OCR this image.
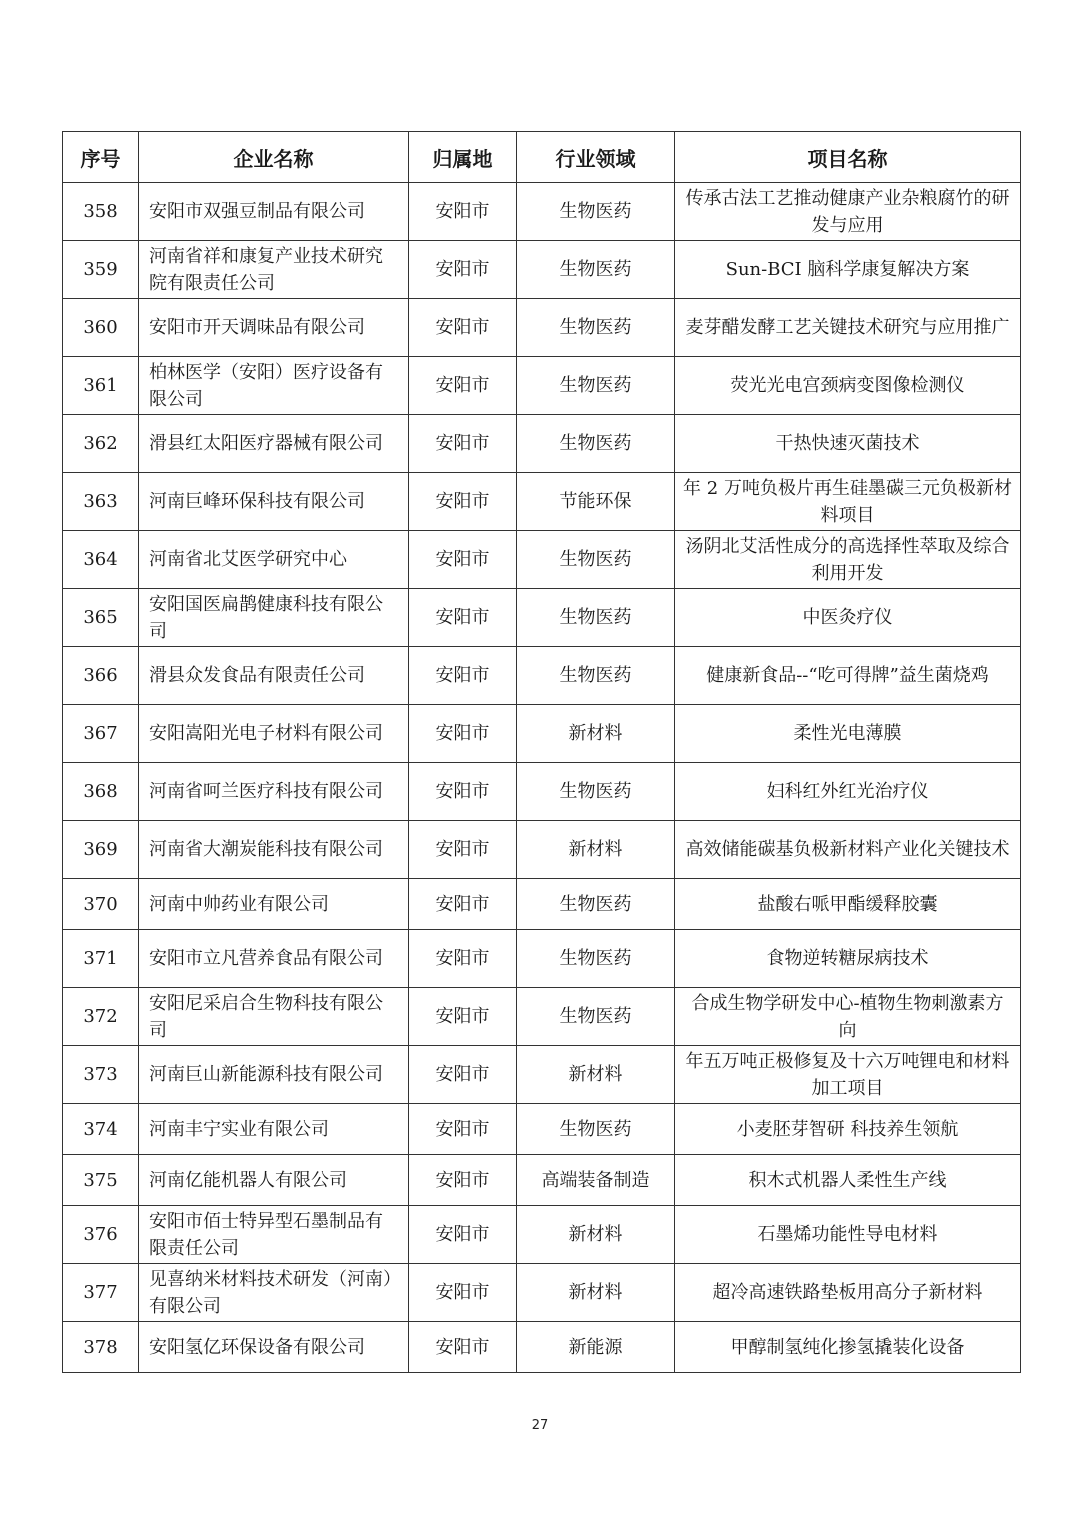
序号	企业名称	归属地	行业领域	项目名称
358	安阳市双强豆制品有限公司	安阳市	生物医药	传承古法工艺推动健康产业杂粮腐竹的研发与应用
359	河南省祥和康复产业技术研究院有限责任公司	安阳市	生物医药	Sun-BCI 脑科学康复解决方案
360	安阳市开天调味品有限公司	安阳市	生物医药	麦芽醋发酵工艺关键技术研究与应用推广
361	柏林医学（安阳）医疗设备有限公司	安阳市	生物医药	荧光光电宫颈病变图像检测仪
362	滑县红太阳医疗器械有限公司	安阳市	生物医药	干热快速灭菌技术
363	河南巨峰环保科技有限公司	安阳市	节能环保	年 2 万吨负极片再生硅墨碳三元负极新材料项目
364	河南省北艾医学研究中心	安阳市	生物医药	汤阴北艾活性成分的高选择性萃取及综合利用开发
365	安阳国医扁鹊健康科技有限公司	安阳市	生物医药	中医灸疗仪
366	滑县众发食品有限责任公司	安阳市	生物医药	健康新食品--“吃可得牌”益生菌烧鸡
367	安阳嵩阳光电子材料有限公司	安阳市	新材料	柔性光电薄膜
368	河南省呵兰医疗科技有限公司	安阳市	生物医药	妇科红外红光治疗仪
369	河南省大潮炭能科技有限公司	安阳市	新材料	高效储能碳基负极新材料产业化关键技术
370	河南中帅药业有限公司	安阳市	生物医药	盐酸右哌甲酯缓释胶囊
371	安阳市立凡营养食品有限公司	安阳市	生物医药	食物逆转糖尿病技术
372	安阳尼采启合生物科技有限公司	安阳市	生物医药	合成生物学研发中心-植物生物刺激素方向
373	河南巨山新能源科技有限公司	安阳市	新材料	年五万吨正极修复及十六万吨锂电和材料加工项目
374	河南丰宁实业有限公司	安阳市	生物医药	小麦胚芽智研 科技养生领航
375	河南亿能机器人有限公司	安阳市	高端装备制造	积木式机器人柔性生产线
376	安阳市佰士特异型石墨制品有限责任公司	安阳市	新材料	石墨烯功能性导电材料
377	见喜纳米材料技术研发（河南）有限公司	安阳市	新材料	超冷高速铁路垫板用高分子新材料
378	安阳氢亿环保设备有限公司	安阳市	新能源	甲醇制氢纯化掺氢撬装化设备
27
